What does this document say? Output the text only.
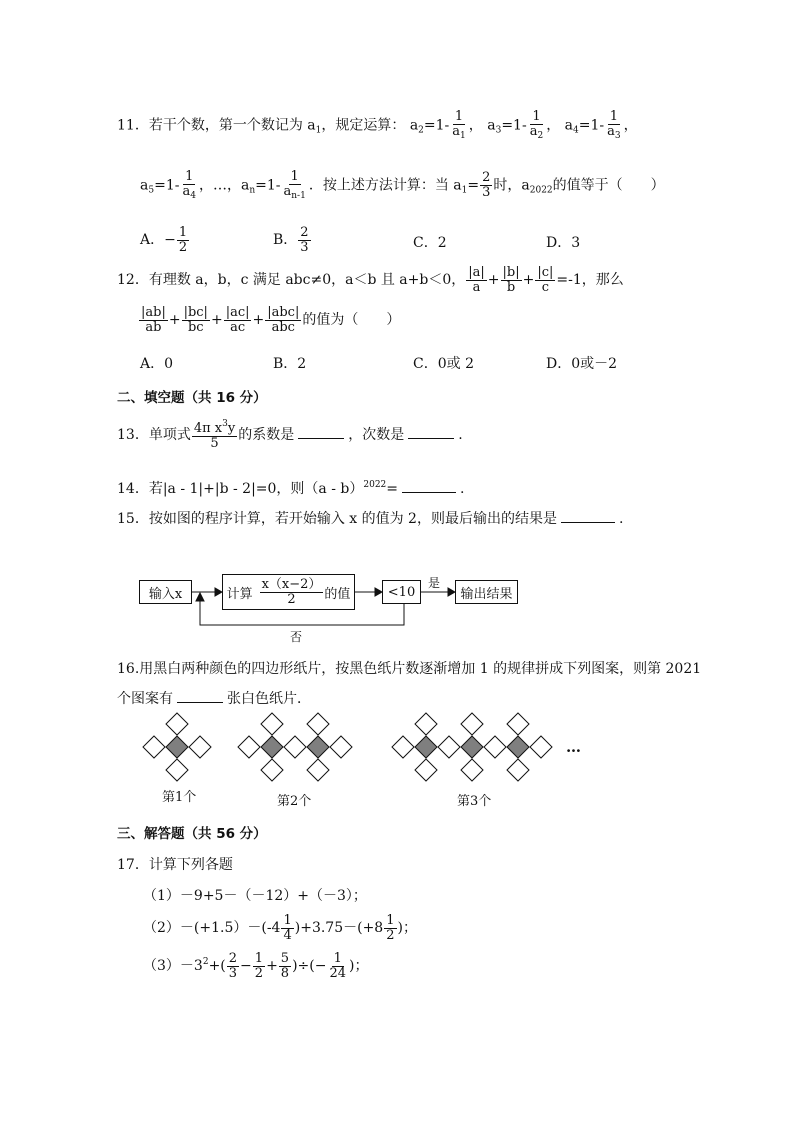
11．若干个数，第一个数记为 $a_1$，规定运算： $a_2=1- \frac{1}{a_1}$ ， $a_3=1- \frac{1}{a_2}$ ， $a_4=1- \frac{1}{a_3}$ ，
$a_5=1- \frac{1}{a_4}$ ，…，$a_n=1- \frac{1}{a_{n-1}}$ ．按上述方法计算：当 $a_1= \frac{2}{3}$ 时，$a_{2022}$的值等于（　　）
A．− $\frac{1}{2}$	B． $\frac{2}{3}$	C．2	D．3
12．有理数 a，b，c 满足 abc≠0，a＜b 且 a+b＜0， $\frac{|a|}{a} + \frac{|b|}{b} + \frac{|c|}{c} =-1$，那么
$\frac{|ab|}{ab} + \frac{|bc|}{bc} + \frac{|ac|}{ac} + \frac{\text{|abc|}}{\text{abc}}$ 的值为（　　）
A．0	B．2	C．0或 2	D．0或－2
二、填空题（共 16 分）
13．单项式 $\frac{4\pi x^3y}{5}$ 的系数是	，次数是	.
14．若|a - 1|+|b - 2|=0，则（a - b）$^{2022}$=	.
15．按如图的程序计算，若开始输入 x 的值为 2，则最后输出的结果是	.
输入x	计算 $\frac{x(x-2)}{2}$ 的值	<10	输出结果
是
否
16.用黑白两种颜色的四边形纸片，按黑色纸片数逐渐增加 1 的规律拼成下列图案，则第 2021
个图案有	张白色纸片．
第1个	第2个	第3个
…
三、解答题（共 56 分）
17．计算下列各题
（1）－9+5－（－12）+（－3）；
$(2)-(+1.5)-(-4 \frac{1}{4} )+3.75-(+8 \frac{1}{2}$ )；
$(3)-3^2+( \frac{2}{3} - \frac{1}{2} + \frac{5}{8}$ )÷(− $\frac{1}{24}$ )；
